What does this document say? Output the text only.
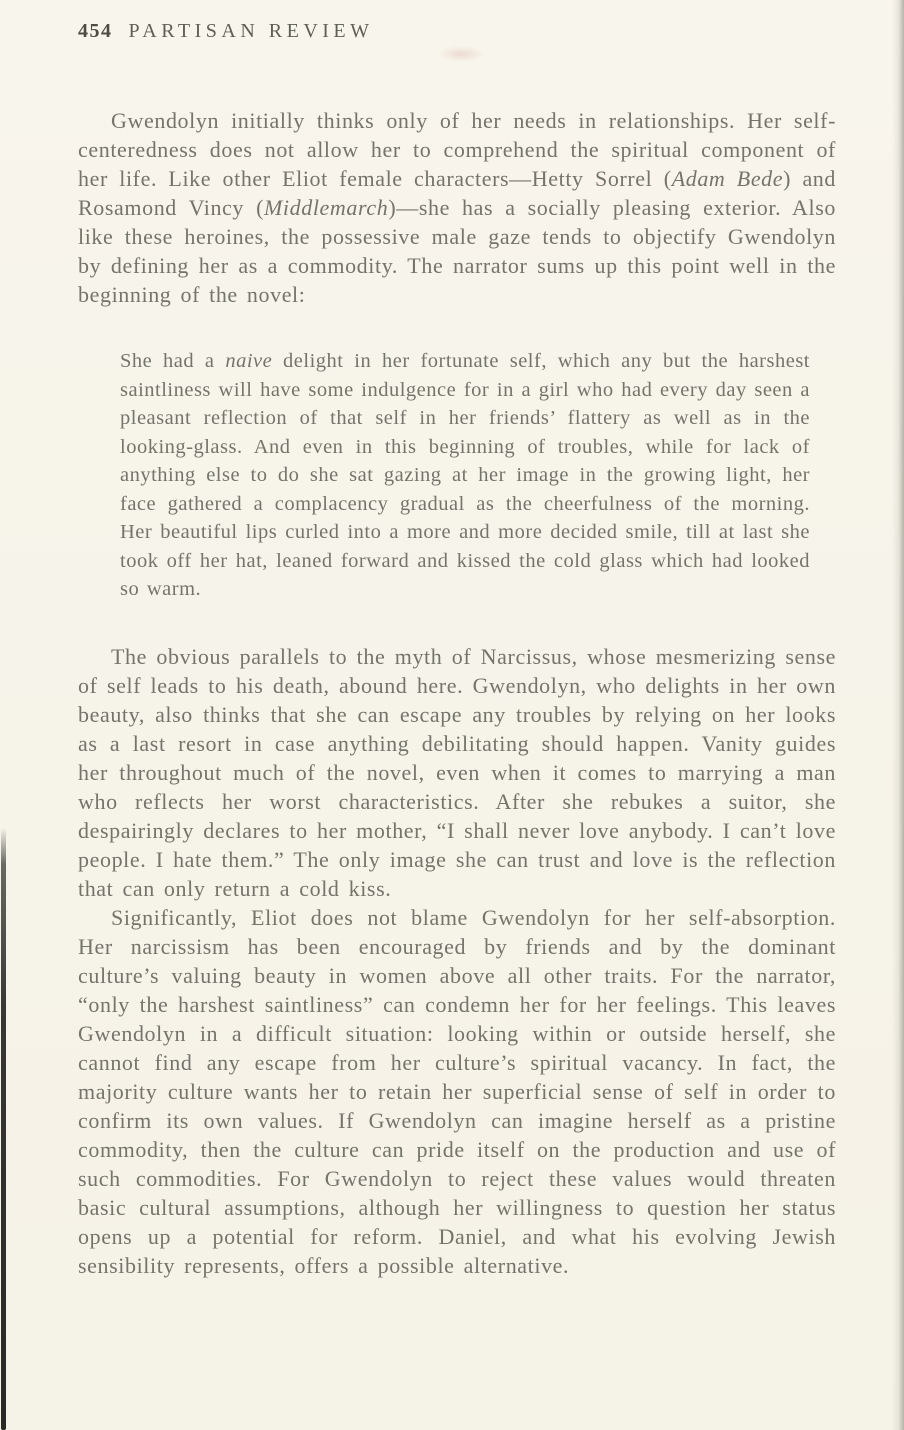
454 PARTISAN REVIEW

Gwendolyn initially thinks only of her needs in relationships. Her self-centeredness does not allow her to comprehend the spiritual component of her life. Like other Eliot female characters—Hetty Sorrel (Adam Bede) and Rosamond Vincy (Middlemarch)—she has a socially pleasing exterior. Also like these heroines, the possessive male gaze tends to objectify Gwendolyn by defining her as a commodity. The narrator sums up this point well in the beginning of the novel:

She had a naive delight in her fortunate self, which any but the harshest saintliness will have some indulgence for in a girl who had every day seen a pleasant reflection of that self in her friends’ flattery as well as in the looking-glass. And even in this beginning of troubles, while for lack of anything else to do she sat gazing at her image in the growing light, her face gathered a complacency gradual as the cheerfulness of the morning. Her beautiful lips curled into a more and more decided smile, till at last she took off her hat, leaned forward and kissed the cold glass which had looked so warm.

The obvious parallels to the myth of Narcissus, whose mesmerizing sense of self leads to his death, abound here. Gwendolyn, who delights in her own beauty, also thinks that she can escape any troubles by relying on her looks as a last resort in case anything debilitating should happen. Vanity guides her throughout much of the novel, even when it comes to marrying a man who reflects her worst characteristics. After she rebukes a suitor, she despairingly declares to her mother, “I shall never love anybody. I can’t love people. I hate them.” The only image she can trust and love is the reflection that can only return a cold kiss.

Significantly, Eliot does not blame Gwendolyn for her self-absorption. Her narcissism has been encouraged by friends and by the dominant culture’s valuing beauty in women above all other traits. For the narrator, “only the harshest saintliness” can condemn her for her feelings. This leaves Gwendolyn in a difficult situation: looking within or outside herself, she cannot find any escape from her culture’s spiritual vacancy. In fact, the majority culture wants her to retain her superficial sense of self in order to confirm its own values. If Gwendolyn can imagine herself as a pristine commodity, then the culture can pride itself on the production and use of such commodities. For Gwendolyn to reject these values would threaten basic cultural assumptions, although her willingness to question her status opens up a potential for reform. Daniel, and what his evolving Jewish sensibility represents, offers a possible alternative.
